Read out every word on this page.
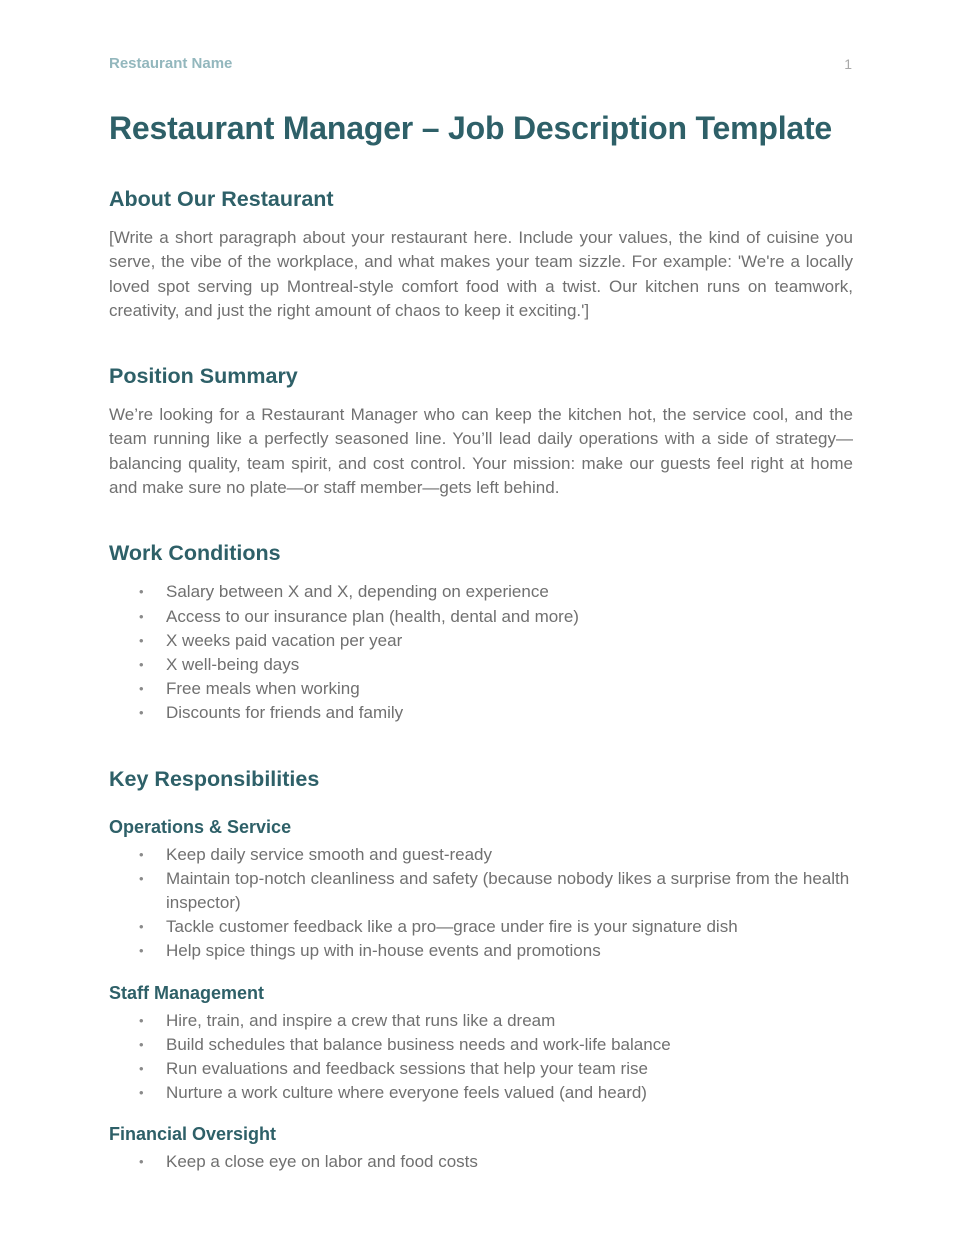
Restaurant Name	1
Restaurant Manager – Job Description Template
About Our Restaurant

[Write a short paragraph about your restaurant here. Include your values, the kind of cuisine you serve, the vibe of the workplace, and what makes your team sizzle. For example: 'We're a locally loved spot serving up Montreal-style comfort food with a twist. Our kitchen runs on teamwork, creativity, and just the right amount of chaos to keep it exciting.']

Position Summary

We’re looking for a Restaurant Manager who can keep the kitchen hot, the service cool, and the team running like a perfectly seasoned line. You’ll lead daily operations with a side of strategy—balancing quality, team spirit, and cost control. Your mission: make our guests feel right at home and make sure no plate—or staff member—gets left behind.

Work Conditions
• Salary between X and X, depending on experience
• Access to our insurance plan (health, dental and more)
• X weeks paid vacation per year
• X well-being days
• Free meals when working
• Discounts for friends and family
Key Responsibilities
Operations & Service
• Keep daily service smooth and guest-ready
• Maintain top-notch cleanliness and safety (because nobody likes a surprise from the health inspector)
• Tackle customer feedback like a pro—grace under fire is your signature dish
• Help spice things up with in-house events and promotions
Staff Management
• Hire, train, and inspire a crew that runs like a dream
• Build schedules that balance business needs and work-life balance
• Run evaluations and feedback sessions that help your team rise
• Nurture a work culture where everyone feels valued (and heard)
Financial Oversight
• Keep a close eye on labor and food costs
